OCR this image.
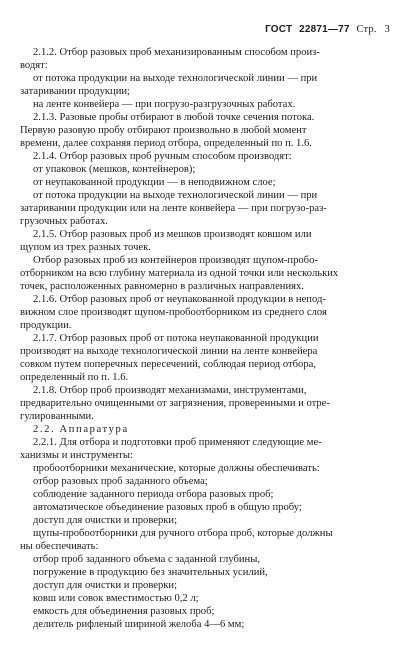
ГОСТ 22871—77 Стр. 3
2.1.2. Отбор разовых проб механизированным способом произ-
водят:
от потока продукции на выходе технологической линии — при
затаривании продукции;
на ленте конвейера — при погрузо-разгрузочных работах.
2.1.3. Разовые пробы отбирают в любой точке сечения потока.
Первую разовую пробу отбирают произвольно в любой момент
времени, далее сохраняя период отбора, определенный по п. 1.6.
2.1.4. Отбор разовых проб ручным способом производят:
от упаковок (мешков, контейнеров);
от неупакованной продукции — в неподвижном слое;
от потока продукции на выходе технологической линии — при
затаривании продукции или на ленте конвейера — при погрузо-раз-
грузочных работах.
2.1.5. Отбор разовых проб из мешков производят ковшом или
щупом из трех разных точек.
Отбор разовых проб из контейнеров производят щупом-пробо-
отборником на всю глубину материала из одной точки или нескольких
точек, расположенных равномерно в различных направлениях.
2.1.6. Отбор разовых проб от неупакованной продукции в непод-
вижном слое производят щупом-пробоотборником из среднего слоя
продукции.
2.1.7. Отбор разовых проб от потока неупакованной продукции
производят на выходе технологической линии на ленте конвейера
совком путем поперечных пересечений, соблюдая период отбора,
определенный по п. 1.6.
2.1.8. Отбор проб производят механизмами, инструментами,
предварительно очищенными от загрязнения, проверенными и отре-
гулированными.
2.2. Аппаратура
2.2.1. Для отбора и подготовки проб применяют следующие ме-
ханизмы и инструменты:
пробоотборники механические, которые должны обеспечивать:
отбор разовых проб заданного объема;
соблюдение заданного периода отбора разовых проб;
автоматическое объединение разовых проб в общую пробу;
доступ для очистки и проверки;
щупы-пробоотборники для ручного отбора проб, которые должны
ны обеспечивать:
отбор проб заданного объема с заданной глубины,
погружение в продукцию без значительных усилий,
доступ для очистки и проверки;
ковш или совок вместимостью 0,2 л;
емкость для объединения разовых проб;
делитель рифленый шириной желоба 4—6 мм;
